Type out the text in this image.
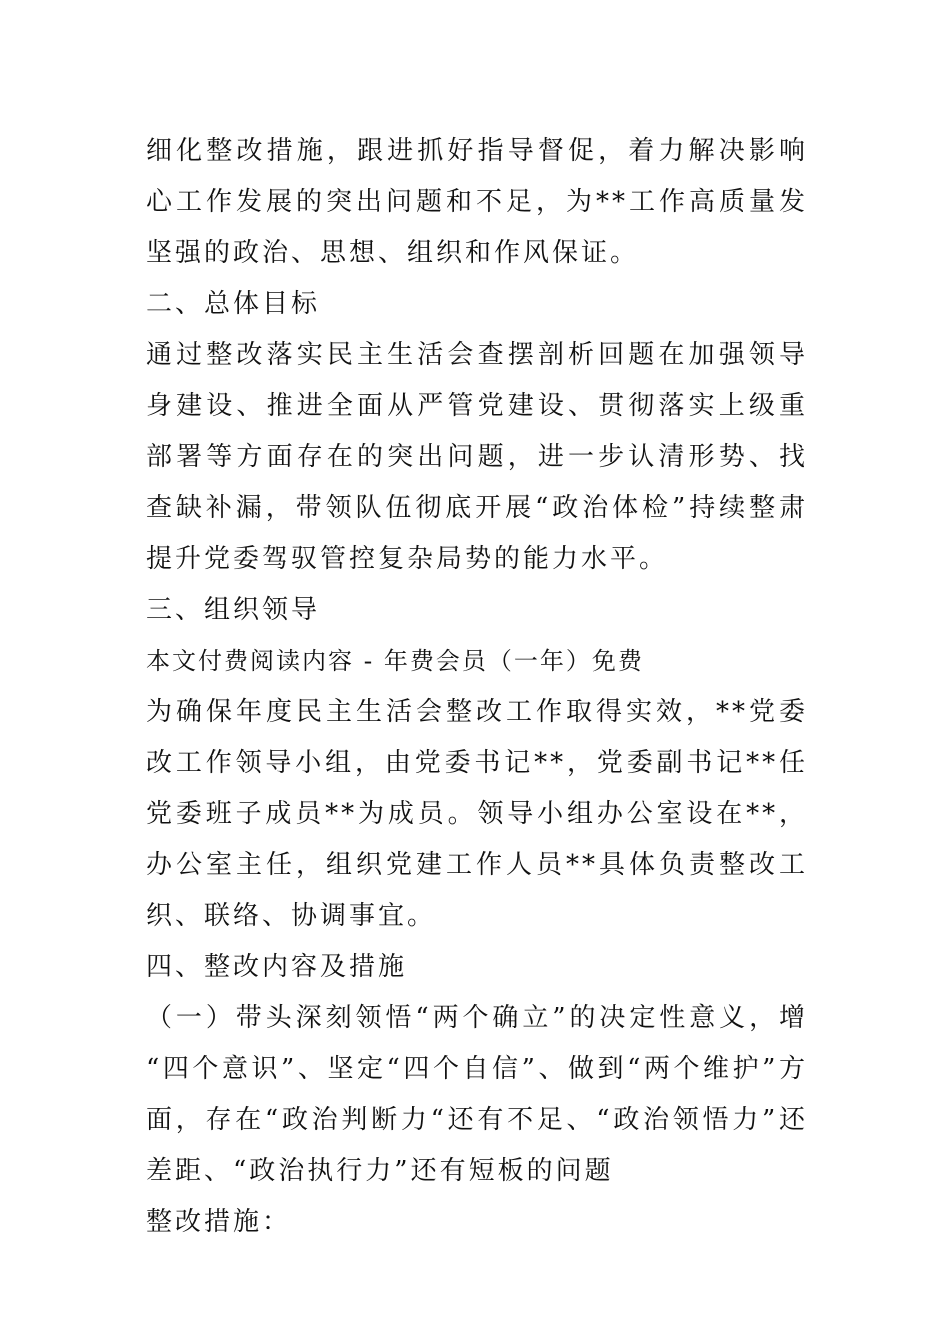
细化整改措施，跟进抓好指导督促，着力解决影响

心工作发展的突出问题和不足，为**工作高质量发

坚强的政治、思想、组织和作风保证。

二、总体目标

通过整改落实民主生活会查摆剖析回题在加强领导

身建设、推进全面从严管党建设、贯彻落实上级重

部署等方面存在的突出问题，进一步认清形势、找

查缺补漏，带领队伍彻底开展“政治体检”持续整肃

提升党委驾驭管控复杂局势的能力水平。

三、组织领导

本文付费阅读内容 - 年费会员（一年）免费

为确保年度民主生活会整改工作取得实效，**党委

改工作领导小组，由党委书记**，党委副书记**任

党委班子成员**为成员。领导小组办公室设在**，

办公室主任，组织党建工作人员**具体负责整改工

织、联络、协调事宜。

四、整改内容及措施

（一）带头深刻领悟“两个确立”的决定性意义，增

“四个意识”、坚定“四个自信”、做到“两个维护”方

面，存在“政治判断力“还有不足、“政治领悟力”还

差距、“政治执行力”还有短板的问题

整改措施：
